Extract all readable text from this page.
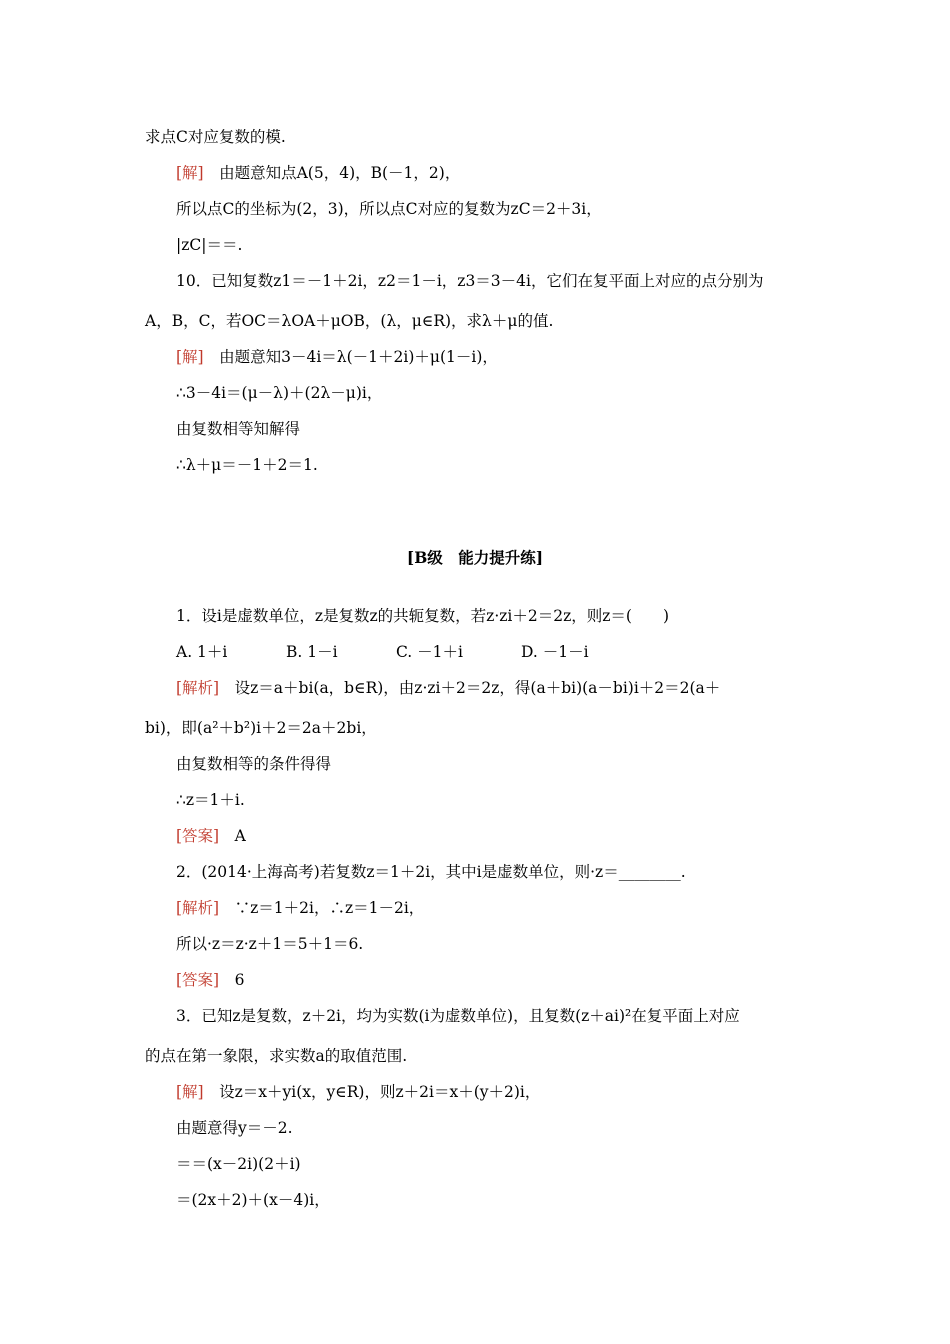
求点C对应复数的模.
[解]　由题意知点A(5，4)，B(－1，2)，
所以点C的坐标为(2，3)，所以点C对应的复数为zC＝2＋3i，
|zC|＝＝.
10．已知复数z1＝－1＋2i，z2＝1－i，z3＝3－4i，它们在复平面上对应的点分别为
A，B，C，若OC＝λOA＋μOB，(λ，μ∈R)，求λ＋μ的值.
[解]　由题意知3－4i＝λ(－1＋2i)＋μ(1－i)，
∴3－4i＝(μ－λ)＋(2λ－μ)i，
由复数相等知解得
∴λ＋μ＝－1＋2＝1.
[B级　能力提升练]
1．设i是虚数单位，z是复数z的共轭复数，若z·zi＋2＝2z，则z＝(　　)
A. 1＋i	B. 1－i	C. －1＋i	D. －1－i
[解析]　设z＝a＋bi(a，b∈R)，由z·zi＋2＝2z，得(a＋bi)(a－bi)i＋2＝2(a＋
bi)，即(a²＋b²)i＋2＝2a＋2bi，
由复数相等的条件得得
∴z＝1＋i.
[答案]　A
2．(2014·上海高考)若复数z＝1＋2i，其中i是虚数单位，则·z＝________.
[解析]　∵z＝1＋2i，∴z＝1－2i，
所以·z＝z·z＋1＝5＋1＝6.
[答案]　6
3．已知z是复数，z＋2i，均为实数(i为虚数单位)，且复数(z＋ai)²在复平面上对应
的点在第一象限，求实数a的取值范围.
[解]　设z＝x＋yi(x，y∈R)，则z＋2i＝x＋(y＋2)i，
由题意得y＝－2.
＝＝(x－2i)(2＋i)
＝(2x＋2)＋(x－4)i，
